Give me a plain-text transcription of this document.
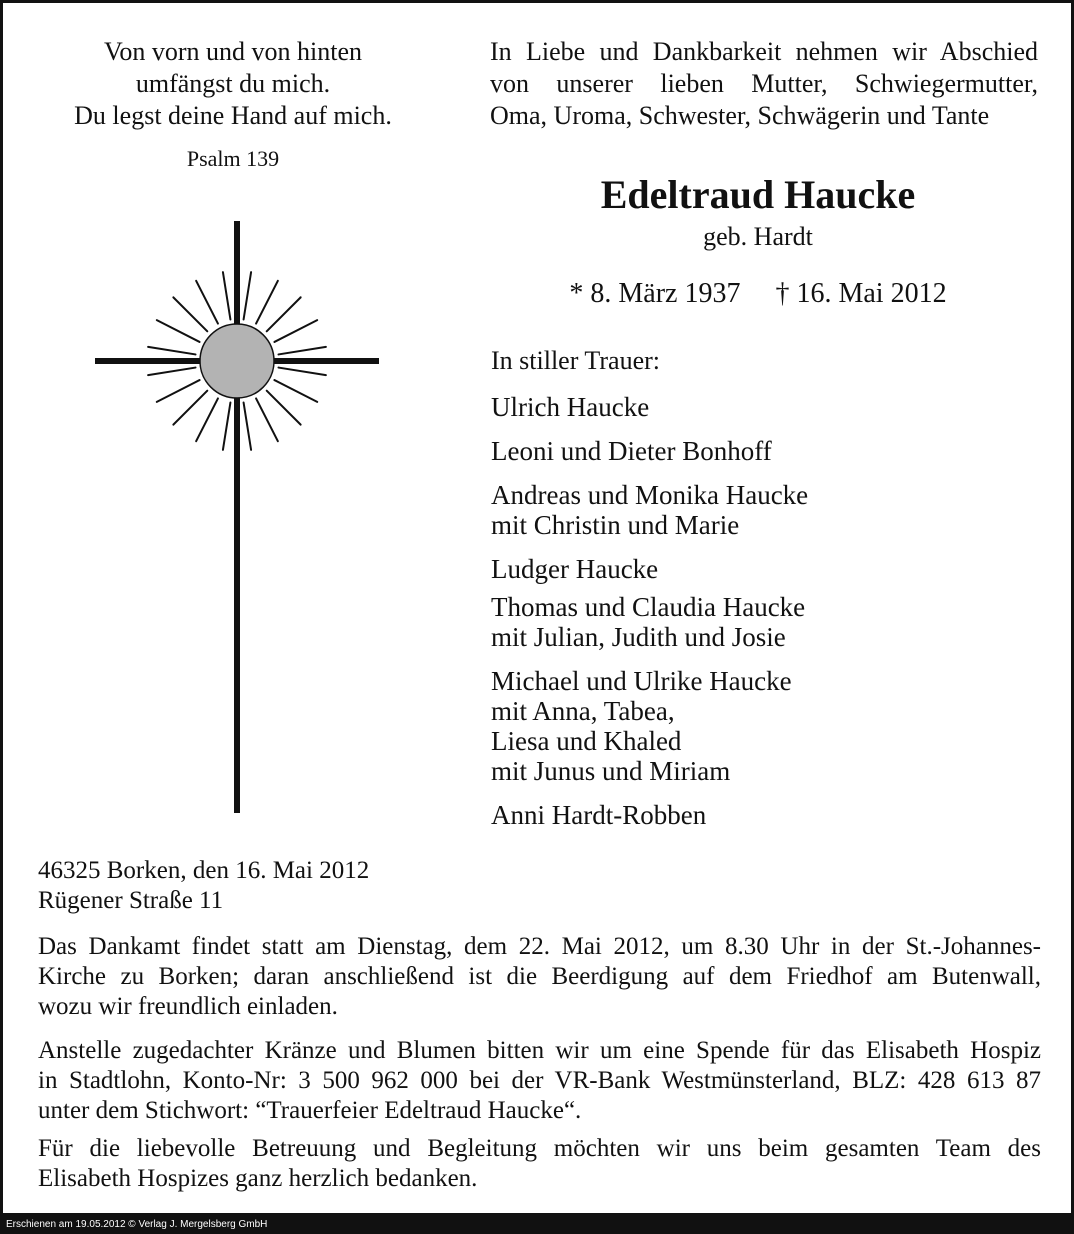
Von vorn und von hinten
umfängst du mich.
Du legst deine Hand auf mich.
Psalm 139
In Liebe und Dankbarkeit nehmen wir Abschied
von unserer lieben Mutter, Schwiegermutter,
Oma, Uroma, Schwester, Schwägerin und Tante
Edeltraud Haucke
geb. Hardt
* 8. März 1937 † 16. Mai 2012
In stiller Trauer:
Ulrich Haucke
Leoni und Dieter Bonhoff
Andreas und Monika Haucke
mit Christin und Marie
Ludger Haucke
Thomas und Claudia Haucke
mit Julian, Judith und Josie
Michael und Ulrike Haucke
mit Anna, Tabea,
Liesa und Khaled
mit Junus und Miriam
Anni Hardt-Robben
46325 Borken, den 16. Mai 2012
Rügener Straße 11
Das Dankamt findet statt am Dienstag, dem 22. Mai 2012, um 8.30 Uhr in der St.-Johannes-
Kirche zu Borken; daran anschließend ist die Beerdigung auf dem Friedhof am Butenwall,
wozu wir freundlich einladen.
Anstelle zugedachter Kränze und Blumen bitten wir um eine Spende für das Elisabeth Hospiz
in Stadtlohn, Konto-Nr: 3 500 962 000 bei der VR-Bank Westmünsterland, BLZ: 428 613 87
unter dem Stichwort: “Trauerfeier Edeltraud Haucke“.
Für die liebevolle Betreuung und Begleitung möchten wir uns beim gesamten Team des
Elisabeth Hospizes ganz herzlich bedanken.
Erschienen am 19.05.2012 © Verlag J. Mergelsberg GmbH
